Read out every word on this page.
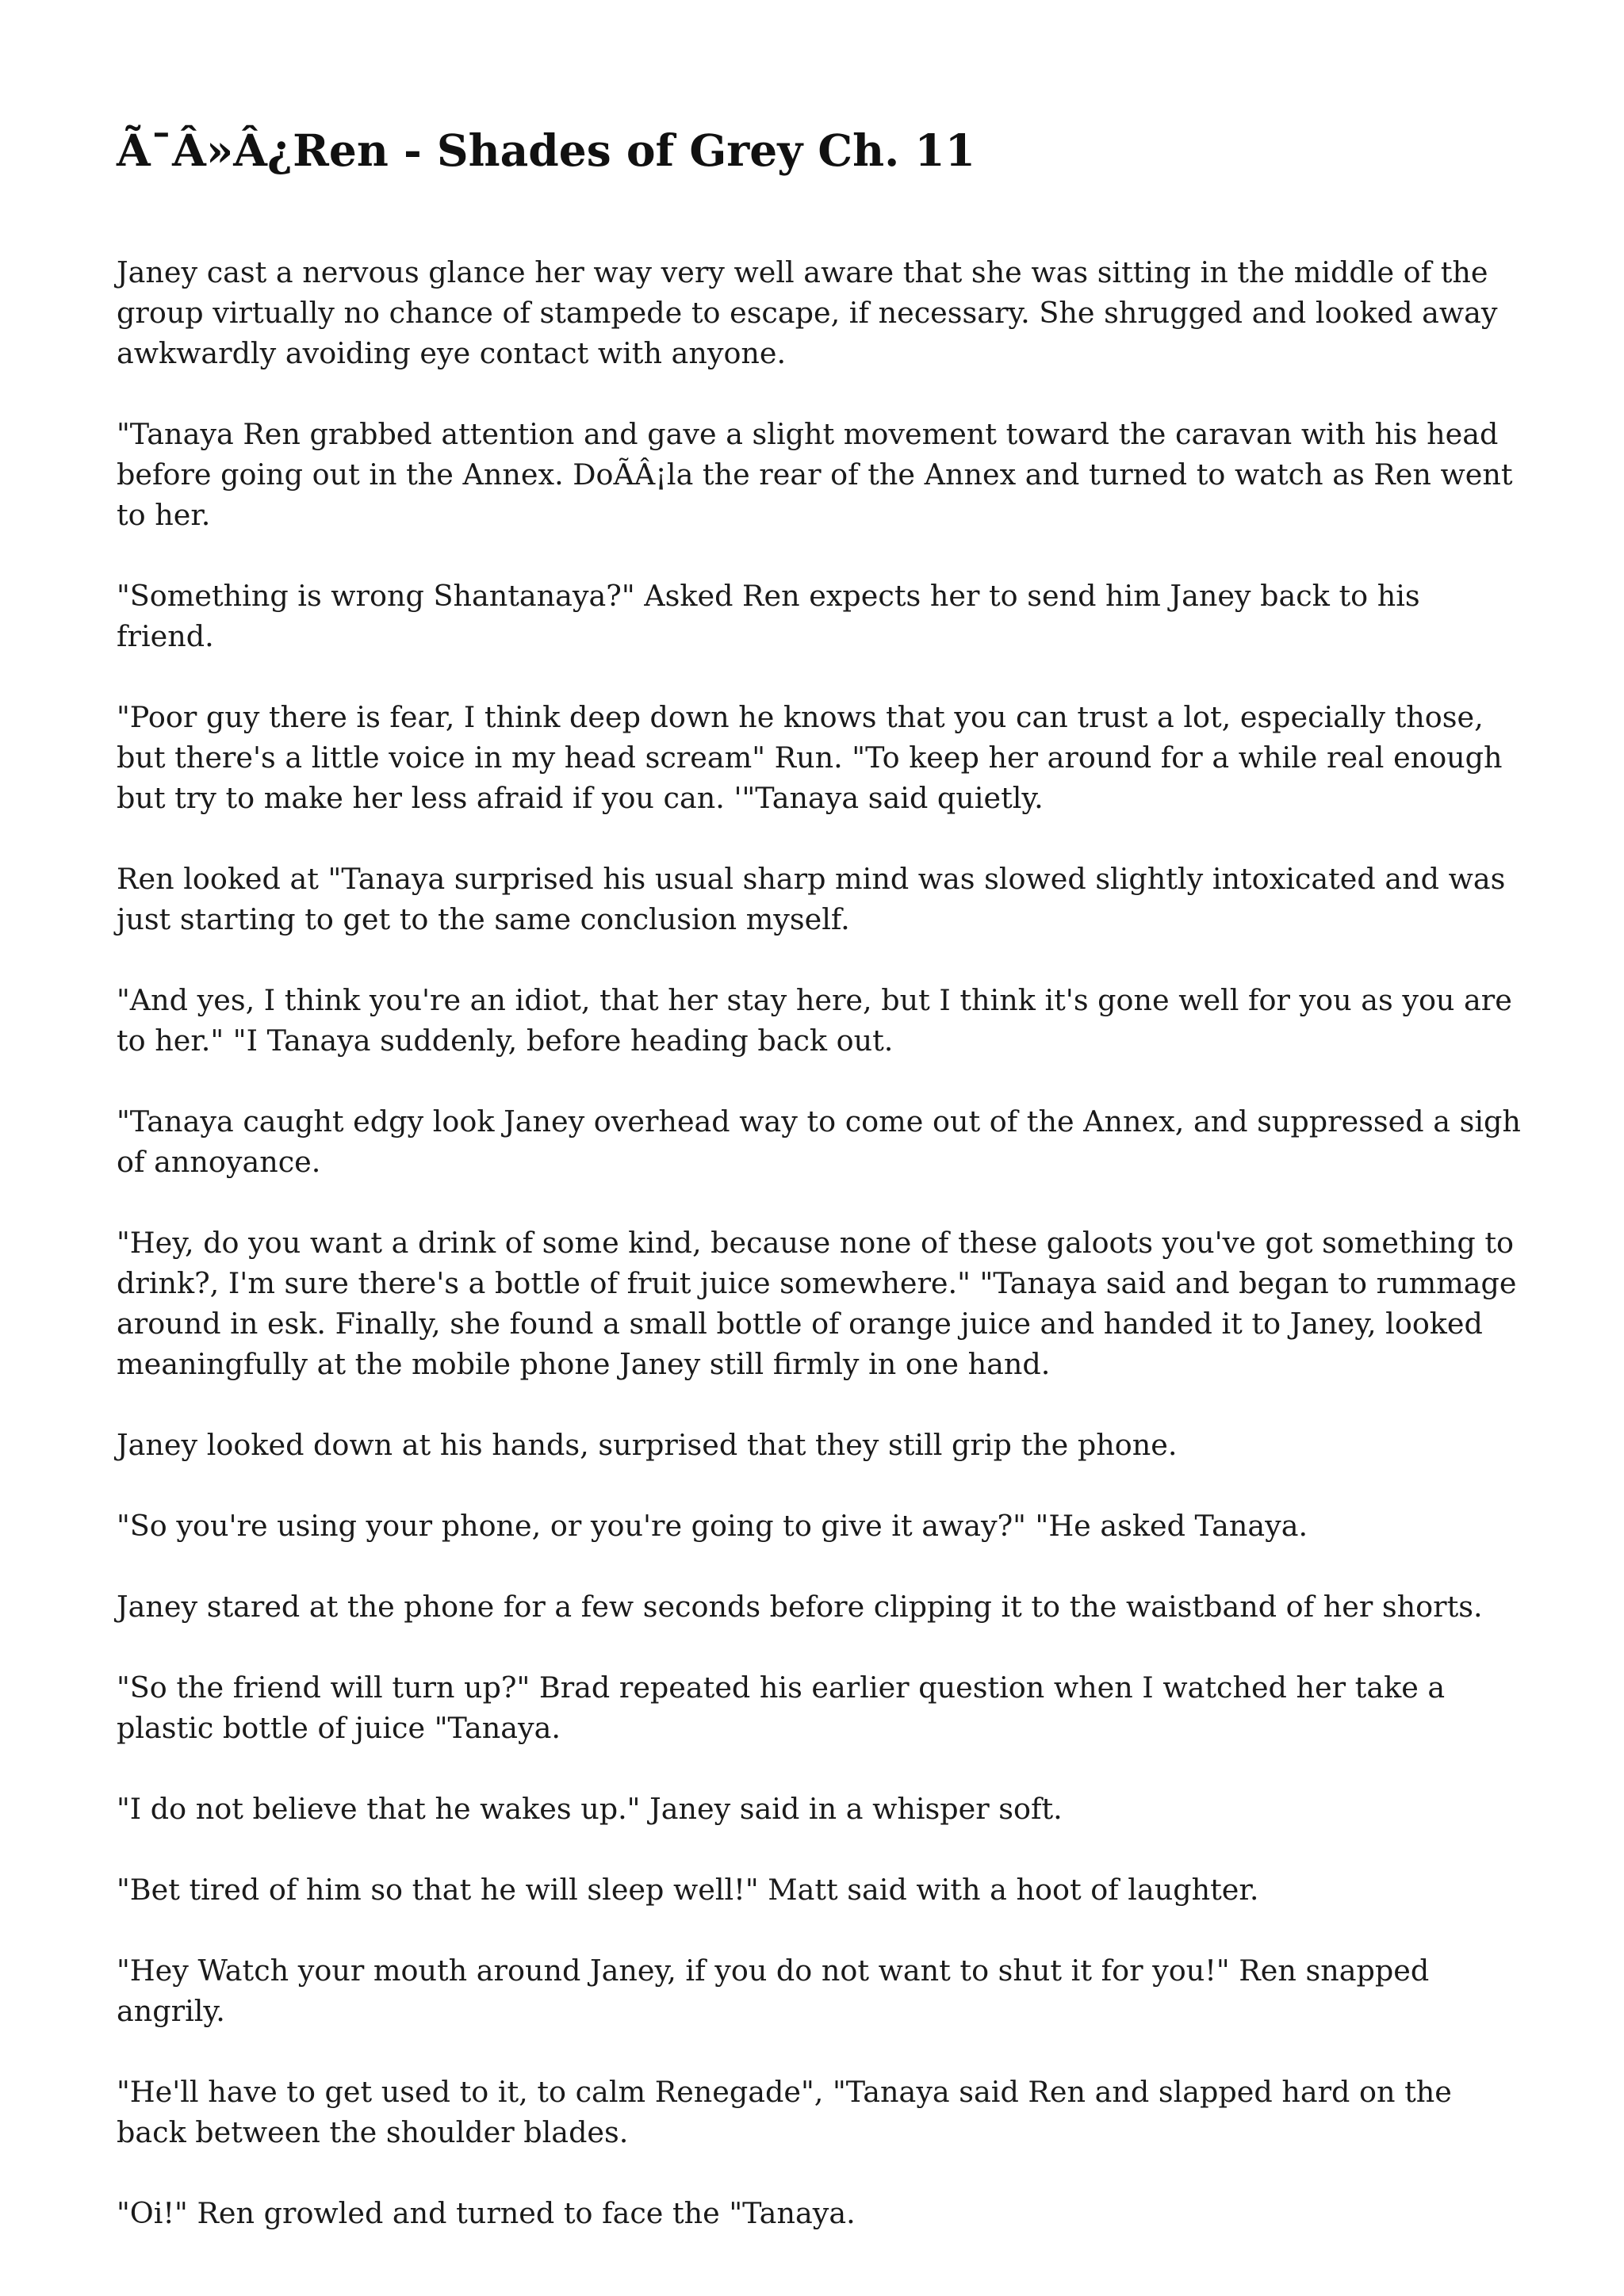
Ã¯Â»Â¿Ren - Shades of Grey Ch. 11

Janey cast a nervous glance her way very well aware that she was sitting in the middle of the group virtually no chance of stampede to escape, if necessary. She shrugged and looked away awkwardly avoiding eye contact with anyone.

"Tanaya Ren grabbed attention and gave a slight movement toward the caravan with his head before going out in the Annex. DoÃÂ¡la the rear of the Annex and turned to watch as Ren went to her.

"Something is wrong Shantanaya?" Asked Ren expects her to send him Janey back to his friend.

"Poor guy there is fear, I think deep down he knows that you can trust a lot, especially those, but there's a little voice in my head scream" Run. "To keep her around for a while real enough but try to make her less afraid if you can. '"Tanaya said quietly.

Ren looked at "Tanaya surprised his usual sharp mind was slowed slightly intoxicated and was just starting to get to the same conclusion myself.

"And yes, I think you're an idiot, that her stay here, but I think it's gone well for you as you are to her." "I Tanaya suddenly, before heading back out.

"Tanaya caught edgy look Janey overhead way to come out of the Annex, and suppressed a sigh of annoyance.

"Hey, do you want a drink of some kind, because none of these galoots you've got something to drink?, I'm sure there's a bottle of fruit juice somewhere." "Tanaya said and began to rummage around in esk. Finally, she found a small bottle of orange juice and handed it to Janey, looked meaningfully at the mobile phone Janey still firmly in one hand.

Janey looked down at his hands, surprised that they still grip the phone.

"So you're using your phone, or you're going to give it away?" "He asked Tanaya.

Janey stared at the phone for a few seconds before clipping it to the waistband of her shorts.

"So the friend will turn up?" Brad repeated his earlier question when I watched her take a plastic bottle of juice "Tanaya.

"I do not believe that he wakes up." Janey said in a whisper soft.

"Bet tired of him so that he will sleep well!" Matt said with a hoot of laughter.

"Hey Watch your mouth around Janey, if you do not want to shut it for you!" Ren snapped angrily.

"He'll have to get used to it, to calm Renegade", "Tanaya said Ren and slapped hard on the back between the shoulder blades.

"Oi!" Ren growled and turned to face the "Tanaya.
